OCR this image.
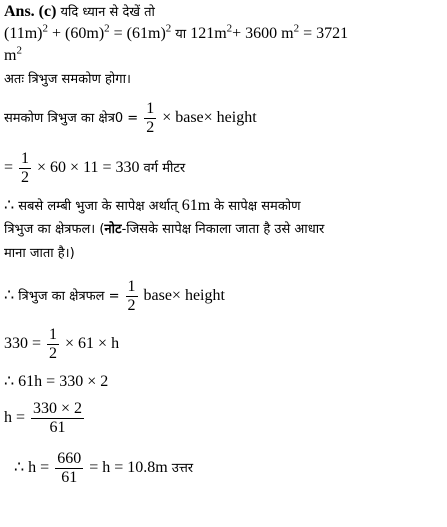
Ans. (c) यदि ध्यान से देखें तो
$(11m)^2 + (60m)^2 = (61m)^2$ या $121m^2+ 3600$ $m^2 = 3721$
$m^2$
अतः त्रिभुज समकोण होगा।
समकोण त्रिभुज का क्षेत्र0 = $\frac{1}{2}$ × base× height
= $\frac{1}{2} \times 60 \times 11 = 330$ वर्ग मीटर
∴ सबसे लम्बी भुजा के सापेक्ष अर्थात् 61m के सापेक्ष समकोण
त्रिभुज का क्षेत्रफल। (नोट-जिसके सापेक्ष निकाला जाता है उसे आधार
माना जाता है।)
∴ त्रिभुज का क्षेत्रफल = $\frac{1}{2}$ base× height
$330 = \frac{1}{2} \times 61 \times h$
∴ 61h = 330 × 2
$h = \frac{330 \times 2}{61}$
∴ $h = \frac{660}{61} = h = 10.8m$ उत्तर
